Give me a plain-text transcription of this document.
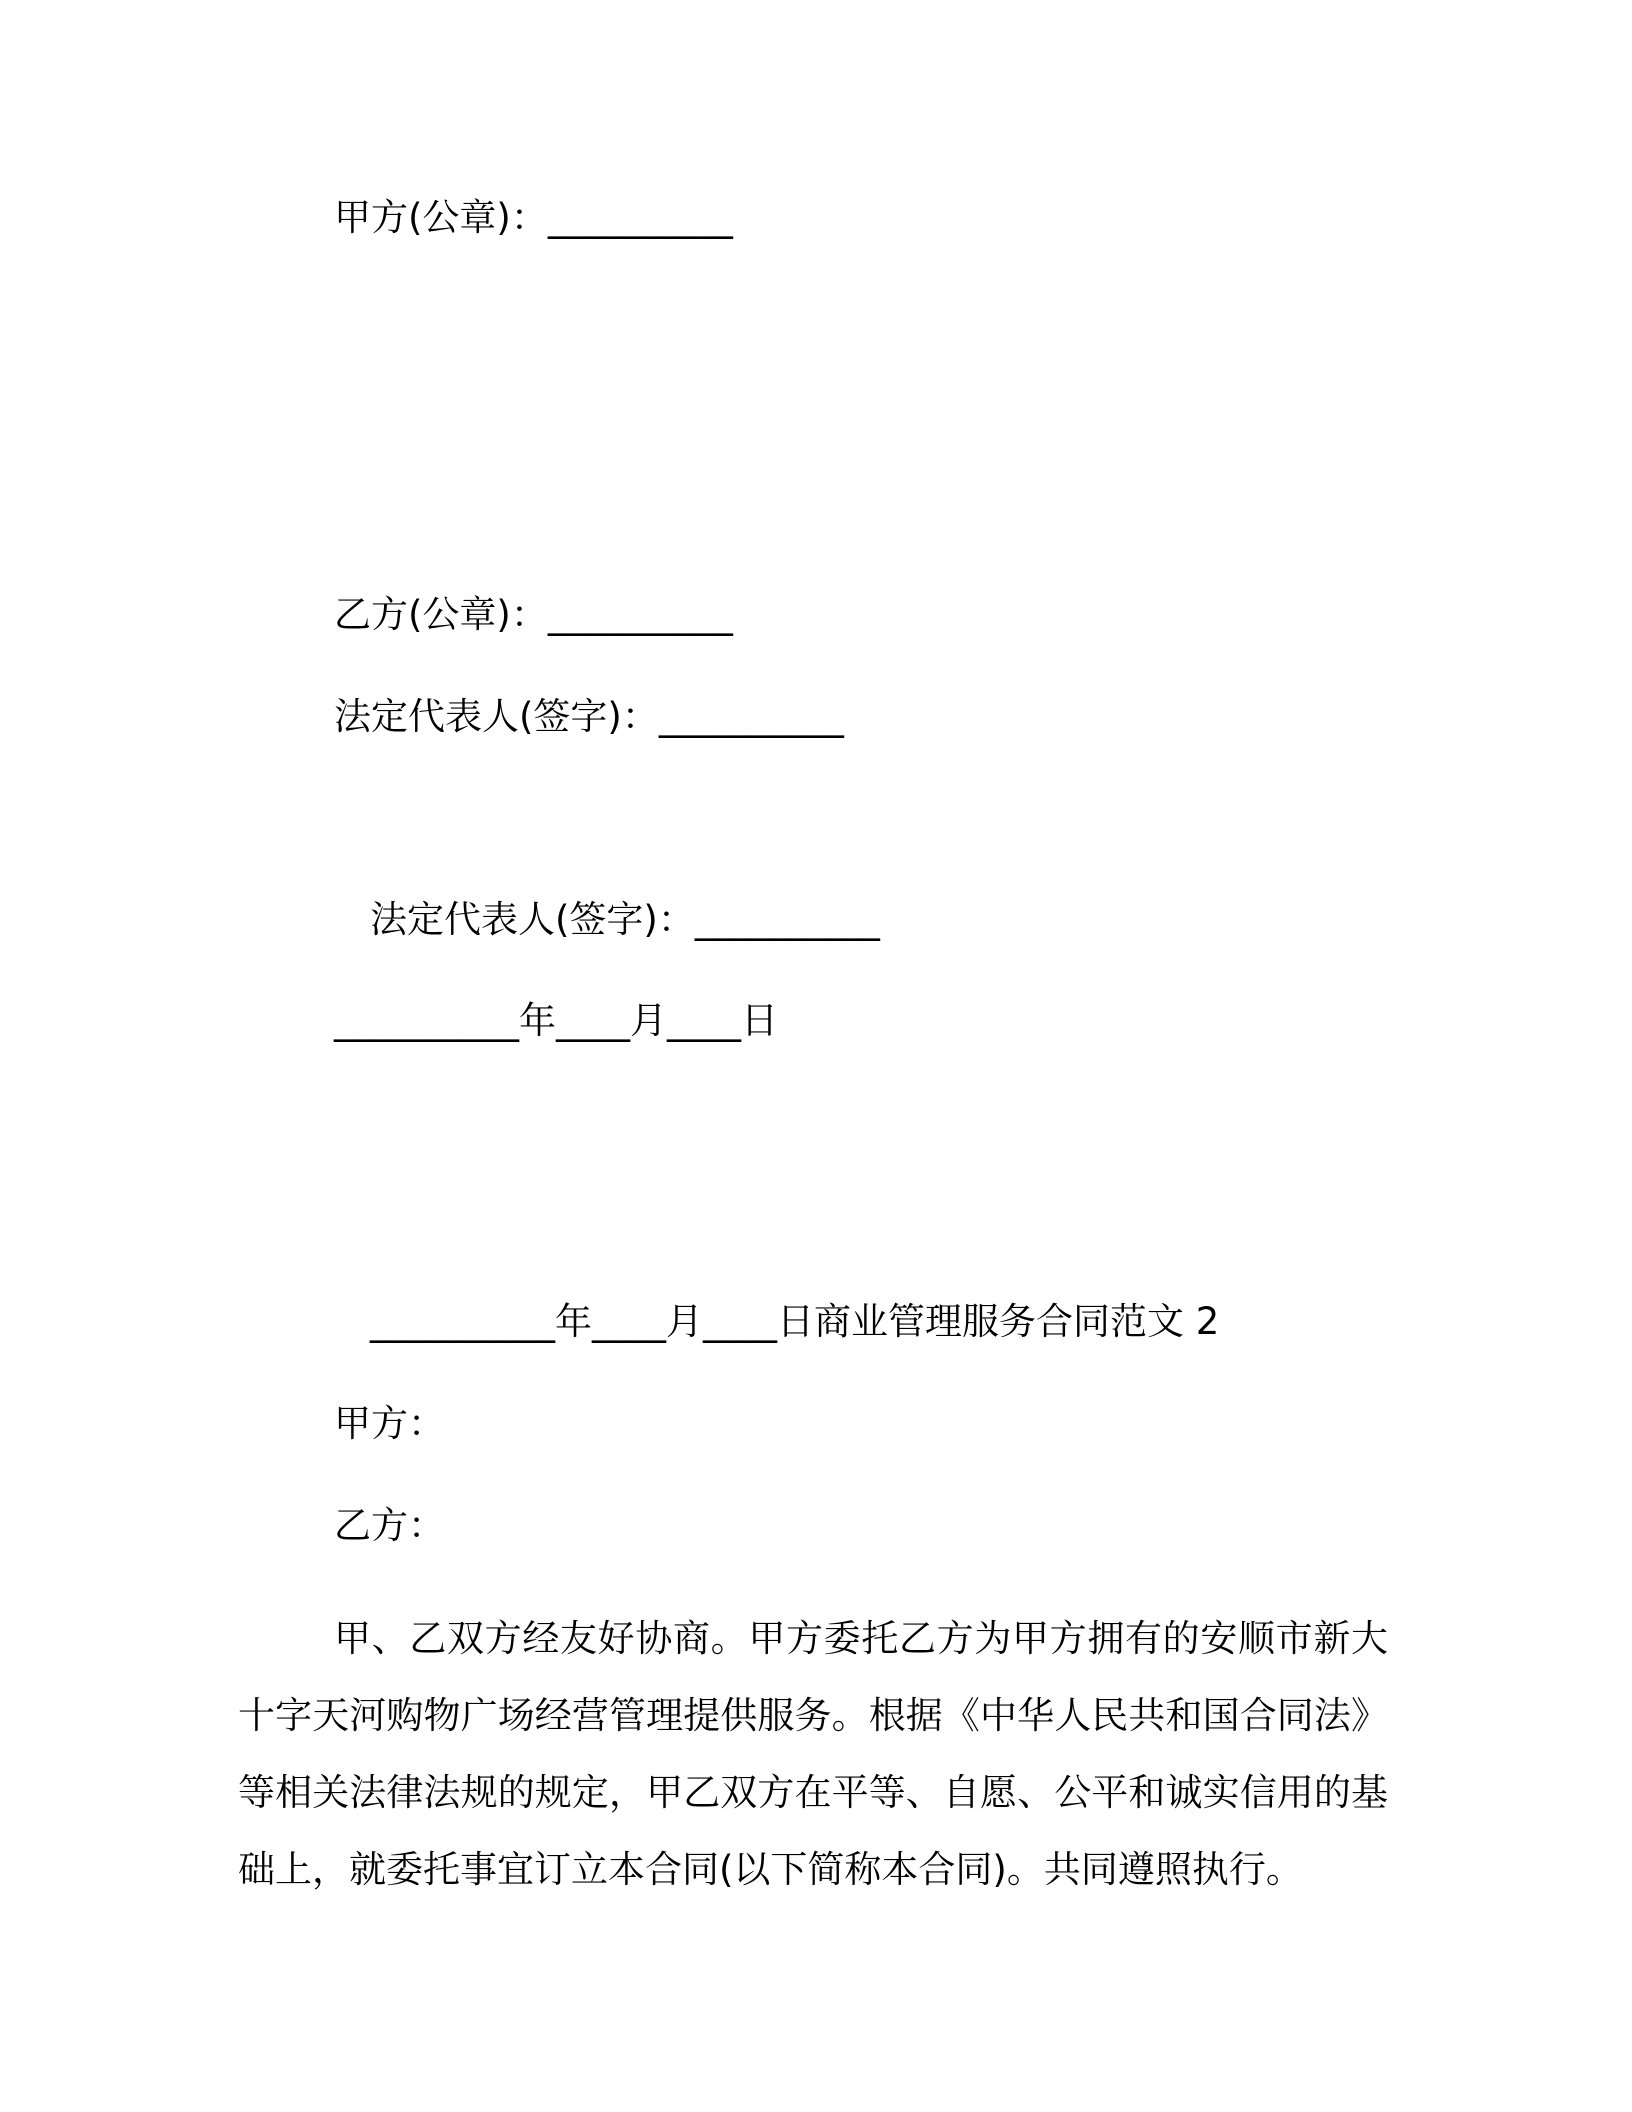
甲方(公章)：__________
乙方(公章)：__________
法定代表人(签字)：__________
法定代表人(签字)：__________
__________年____月____日
__________年____月____日商业管理服务合同范文 2
甲方：
乙方：

甲、乙双方经友好协商。甲方委托乙方为甲方拥有的安顺市新大十字天河购物广场经营管理提供服务。根据《中华人民共和国合同法》等相关法律法规的规定，甲乙双方在平等、自愿、公平和诚实信用的基础上，就委托事宜订立本合同(以下简称本合同)。共同遵照执行。
